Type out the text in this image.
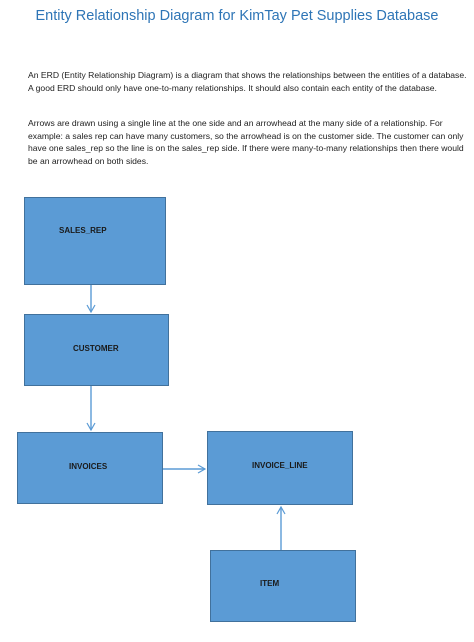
Entity Relationship Diagram for KimTay Pet Supplies Database
An ERD (Entity Relationship Diagram) is a diagram that shows the relationships between the entities of a database. A good ERD should only have one-to-many relationships. It should also contain each entity of the database.
Arrows are drawn using a single line at the one side and an arrowhead at the many side of a relationship. For example: a sales rep can have many customers, so the arrowhead is on the customer side. The customer can only have one sales_rep so the line is on the sales_rep side. If there were many-to-many relationships then there would be an arrowhead on both sides.
SALES_REP
CUSTOMER
INVOICES	INVOICE_LINE
ITEM
